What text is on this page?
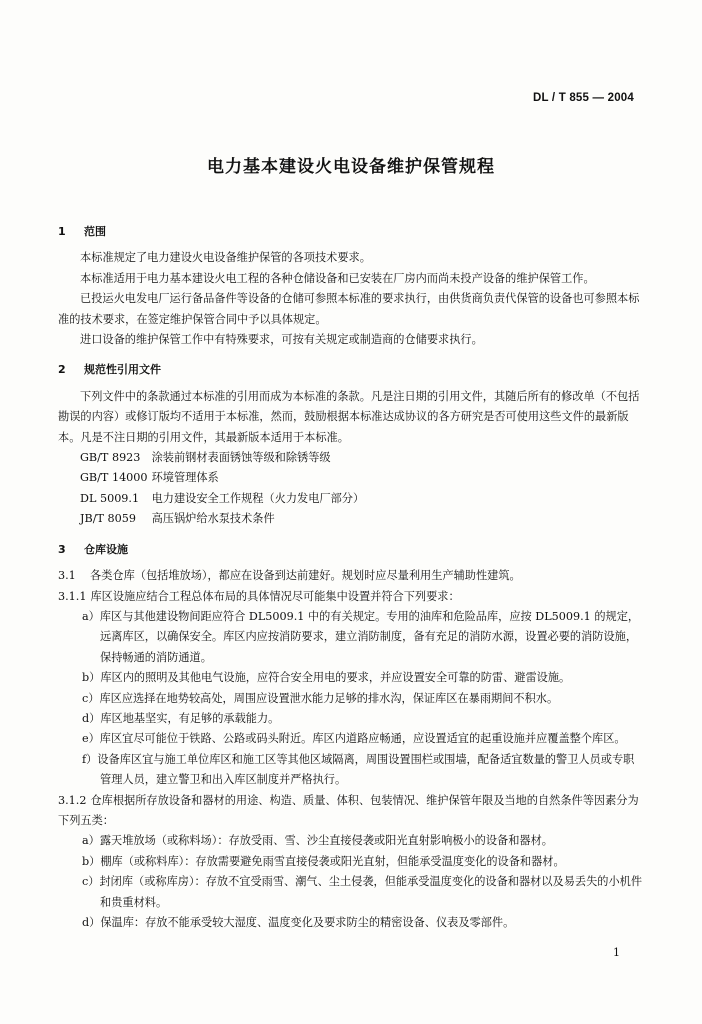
DL / T 855 — 2004
电力基本建设火电设备维护保管规程

1 范围

本标准规定了电力建设火电设备维护保管的各项技术要求。

本标准适用于电力基本建设火电工程的各种仓储设备和已安装在厂房内而尚未投产设备的维护保管工作。

已投运火电发电厂运行备品备件等设备的仓储可参照本标准的要求执行，由供货商负责代保管的设备也可参照本标准的技术要求，在签定维护保管合同中予以具体规定。

进口设备的维护保管工作中有特殊要求，可按有关规定或制造商的仓储要求执行。

2 规范性引用文件

下列文件中的条款通过本标准的引用而成为本标准的条款。凡是注日期的引用文件，其随后所有的修改单（不包括勘误的内容）或修订版均不适用于本标准，然而，鼓励根据本标准达成协议的各方研究是否可使用这些文件的最新版本。凡是不注日期的引用文件，其最新版本适用于本标准。

GB/T 8923 涂装前钢材表面锈蚀等级和除锈等级

GB/T 14000 环境管理体系

DL 5009.1 电力建设安全工作规程（火力发电厂部分）

JB/T 8059 高压锅炉给水泵技术条件

3 仓库设施

3.1 各类仓库（包括堆放场），都应在设备到达前建好。规划时应尽量利用生产辅助性建筑。

3.1.1 库区设施应结合工程总体布局的具体情况尽可能集中设置并符合下列要求：

a）库区与其他建设物间距应符合 DL5009.1 中的有关规定。专用的油库和危险品库，应按 DL5009.1 的规定，远离库区，以确保安全。库区内应按消防要求，建立消防制度，备有充足的消防水源，设置必要的消防设施，保持畅通的消防通道。

b）库区内的照明及其他电气设施，应符合安全用电的要求，并应设置安全可靠的防雷、避雷设施。

c）库区应选择在地势较高处，周围应设置泄水能力足够的排水沟，保证库区在暴雨期间不积水。

d）库区地基坚实，有足够的承载能力。

e）库区宜尽可能位于铁路、公路或码头附近。库区内道路应畅通，应设置适宜的起重设施并应覆盖整个库区。

f）设备库区宜与施工单位库区和施工区等其他区域隔离，周围设置围栏或围墙，配备适宜数量的警卫人员或专职管理人员，建立警卫和出入库区制度并严格执行。

3.1.2 仓库根据所存放设备和器材的用途、构造、质量、体积、包装情况、维护保管年限及当地的自然条件等因素分为下列五类：

a）露天堆放场（或称料场）：存放受雨、雪、沙尘直接侵袭或阳光直射影响极小的设备和器材。

b）棚库（或称料库）：存放需要避免雨雪直接侵袭或阳光直射，但能承受温度变化的设备和器材。

c）封闭库（或称库房）：存放不宜受雨雪、潮气、尘土侵袭，但能承受温度变化的设备和器材以及易丢失的小机件和贵重材料。

d）保温库：存放不能承受较大湿度、温度变化及要求防尘的精密设备、仪表及零部件。

1
